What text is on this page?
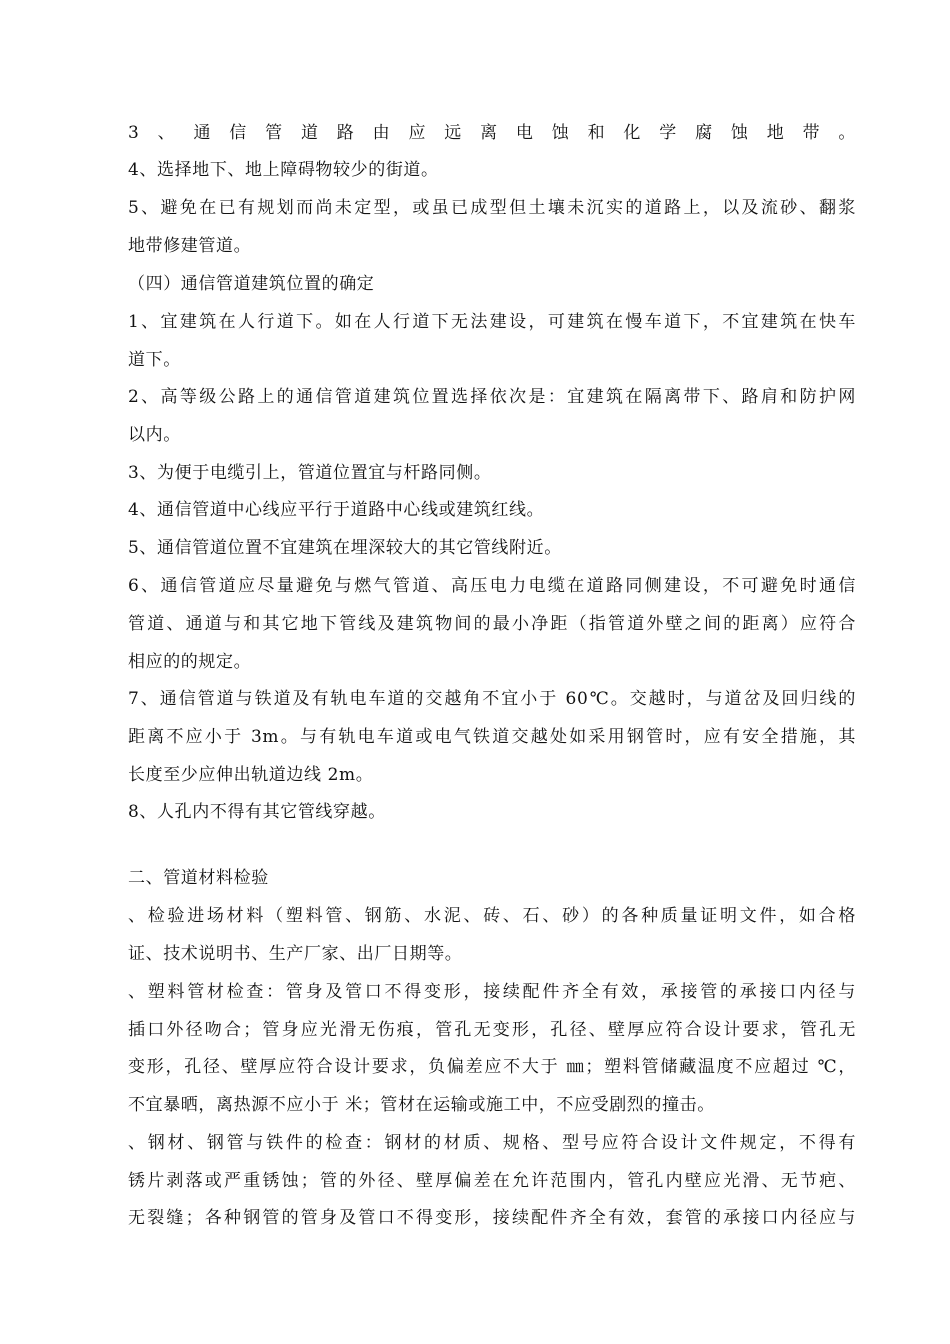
3、通信管道路由应远离电蚀和化学腐蚀地带。
4、选择地下、地上障碍物较少的街道。
5、避免在已有规划而尚未定型，或虽已成型但土壤未沉实的道路上，以及流砂、翻浆
地带修建管道。
（四）通信管道建筑位置的确定
1、宜建筑在人行道下。如在人行道下无法建设，可建筑在慢车道下，不宜建筑在快车
道下。
2、高等级公路上的通信管道建筑位置选择依次是：宜建筑在隔离带下、路肩和防护网
以内。
3、为便于电缆引上，管道位置宜与杆路同侧。
4、通信管道中心线应平行于道路中心线或建筑红线。
5、通信管道位置不宜建筑在埋深较大的其它管线附近。
6、通信管道应尽量避免与燃气管道、高压电力电缆在道路同侧建设，不可避免时通信
管道、通道与和其它地下管线及建筑物间的最小净距（指管道外壁之间的距离）应符合
相应的的规定。
7、通信管道与铁道及有轨电车道的交越角不宜小于 60℃。交越时，与道岔及回归线的
距离不应小于 3m。与有轨电车道或电气铁道交越处如采用钢管时，应有安全措施，其
长度至少应伸出轨道边线 2m。
8、人孔内不得有其它管线穿越。
二、管道材料检验
、检验进场材料（塑料管、钢筋、水泥、砖、石、砂）的各种质量证明文件，如合格
证、技术说明书、生产厂家、出厂日期等。
、塑料管材检查：管身及管口不得变形，接续配件齐全有效，承接管的承接口内径与
插口外径吻合；管身应光滑无伤痕，管孔无变形，孔径、壁厚应符合设计要求，管孔无
变形，孔径、壁厚应符合设计要求，负偏差应不大于 ㎜；塑料管储藏温度不应超过 ℃，
不宜暴晒，离热源不应小于 米；管材在运输或施工中，不应受剧烈的撞击。
、钢材、钢管与铁件的检查：钢材的材质、规格、型号应符合设计文件规定，不得有
锈片剥落或严重锈蚀；管的外径、壁厚偏差在允许范围内，管孔内壁应光滑、无节疤、
无裂缝；各种钢管的管身及管口不得变形，接续配件齐全有效，套管的承接口内径应与
